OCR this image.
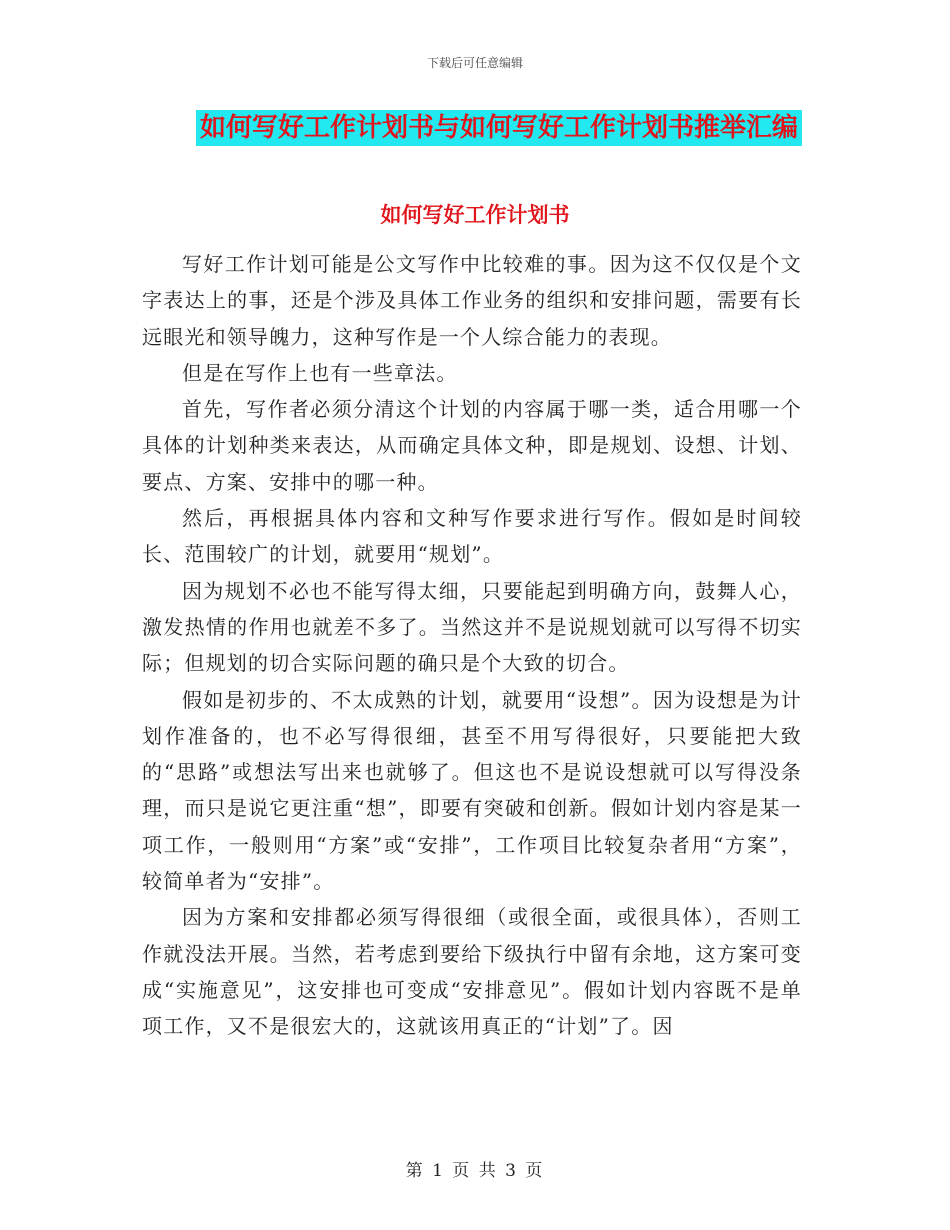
下载后可任意编辑
如何写好工作计划书与如何写好工作计划书推举汇编
如何写好工作计划书

写好工作计划可能是公文写作中比较难的事。因为这不仅仅是个文字表达上的事，还是个涉及具体工作业务的组织和安排问题，需要有长远眼光和领导魄力，这种写作是一个人综合能力的表现。

但是在写作上也有一些章法。

首先，写作者必须分清这个计划的内容属于哪一类，适合用哪一个具体的计划种类来表达，从而确定具体文种，即是规划、设想、计划、要点、方案、安排中的哪一种。

然后，再根据具体内容和文种写作要求进行写作。假如是时间较长、范围较广的计划，就要用“规划”。

因为规划不必也不能写得太细，只要能起到明确方向，鼓舞人心，激发热情的作用也就差不多了。当然这并不是说规划就可以写得不切实际；但规划的切合实际问题的确只是个大致的切合。

假如是初步的、不太成熟的计划，就要用“设想”。因为设想是为计划作准备的，也不必写得很细，甚至不用写得很好，只要能把大致的“思路”或想法写出来也就够了。但这也不是说设想就可以写得没条理，而只是说它更注重“想”，即要有突破和创新。假如计划内容是某一项工作，一般则用“方案”或“安排”，工作项目比较复杂者用“方案”，较简单者为“安排”。

因为方案和安排都必须写得很细（或很全面，或很具体），否则工作就没法开展。当然，若考虑到要给下级执行中留有余地，这方案可变成“实施意见”，这安排也可变成“安排意见”。假如计划内容既不是单项工作，又不是很宏大的，这就该用真正的“计划”了。因

第 1 页 共 3 页
